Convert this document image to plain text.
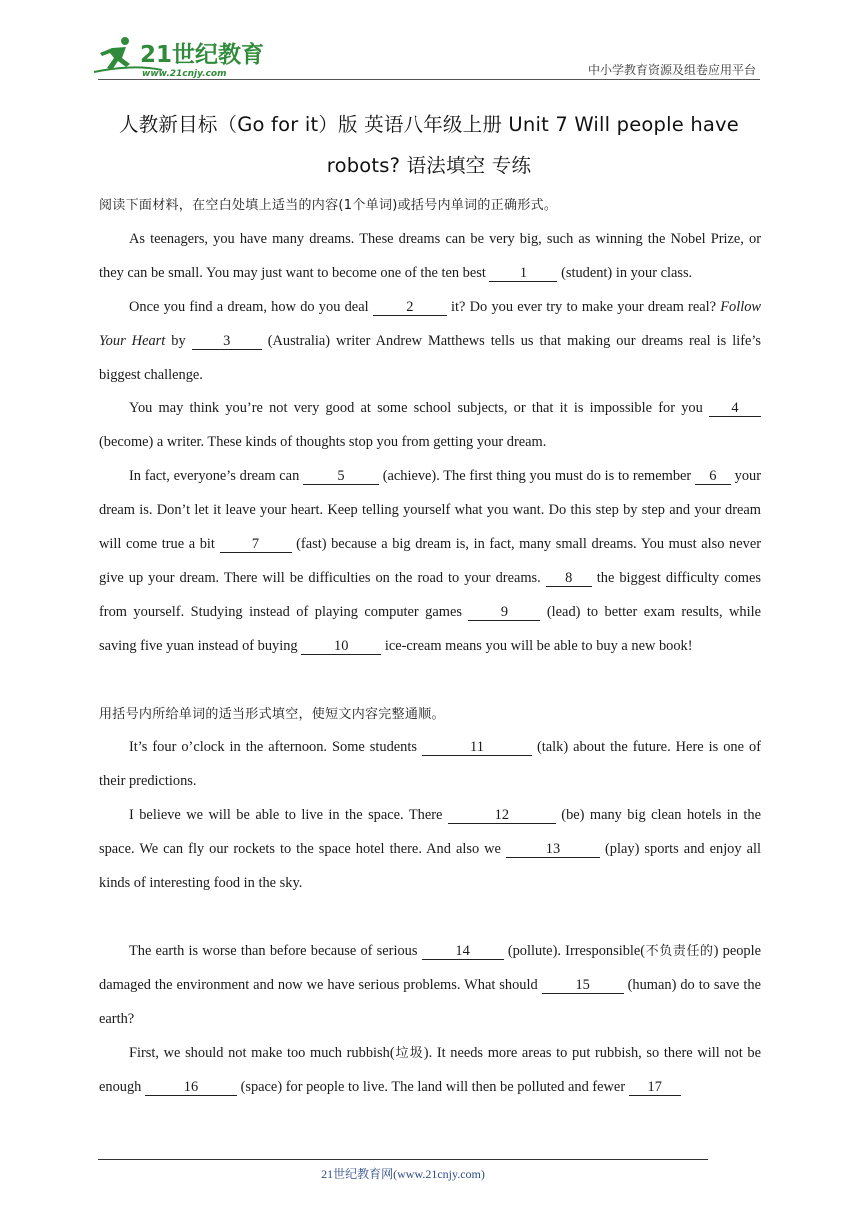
21世纪教育
www.21cnjy.com	中小学教育资源及组卷应用平台
人教新目标（Go for it）版 英语八年级上册 Unit 7 Will people have
robots? 语法填空 专练

阅读下面材料，在空白处填上适当的内容(1个单词)或括号内单词的正确形式。

As teenagers, you have many dreams. These dreams can be very big, such as winning the Nobel Prize, or they can be small. You may just want to become one of the ten best 1 (student) in your class.

Once you find a dream, how do you deal 2 it? Do you ever try to make your dream real? Follow Your Heart by 3 (Australia) writer Andrew Matthews tells us that making our dreams real is life’s biggest challenge.

You may think you’re not very good at some school subjects, or that it is impossible for you 4 (become) a writer. These kinds of thoughts stop you from getting your dream.

In fact, everyone’s dream can 5 (achieve). The first thing you must do is to remember 6 your dream is. Don’t let it leave your heart. Keep telling yourself what you want. Do this step by step and your dream will come true a bit 7 (fast) because a big dream is, in fact, many small dreams. You must also never give up your dream. There will be difficulties on the road to your dreams. 8 the biggest difficulty comes from yourself. Studying instead of playing computer games 9 (lead) to better exam results, while saving five yuan instead of buying 10 ice-cream means you will be able to buy a new book!

用括号内所给单词的适当形式填空，使短文内容完整通顺。

It’s four o’clock in the afternoon. Some students	11	(talk) about the future. Here is one of their predictions.

I believe we will be able to live in the space. There	12	(be) many big clean hotels in the space. We can fly our rockets to the space hotel there. And also we	13	(play) sports and enjoy all kinds of interesting food in the sky.

The earth is worse than before because of serious 14 (pollute). Irresponsible(不负责任的) people damaged the environment and now we have serious problems. What should 15 (human) do to save the earth?

First, we should not make too much rubbish(垃圾). It needs more areas to put rubbish, so there will not be enough	16	(space) for people to live. The land will then be polluted and fewer 17

21世纪教育网(www.21cnjy.com)
